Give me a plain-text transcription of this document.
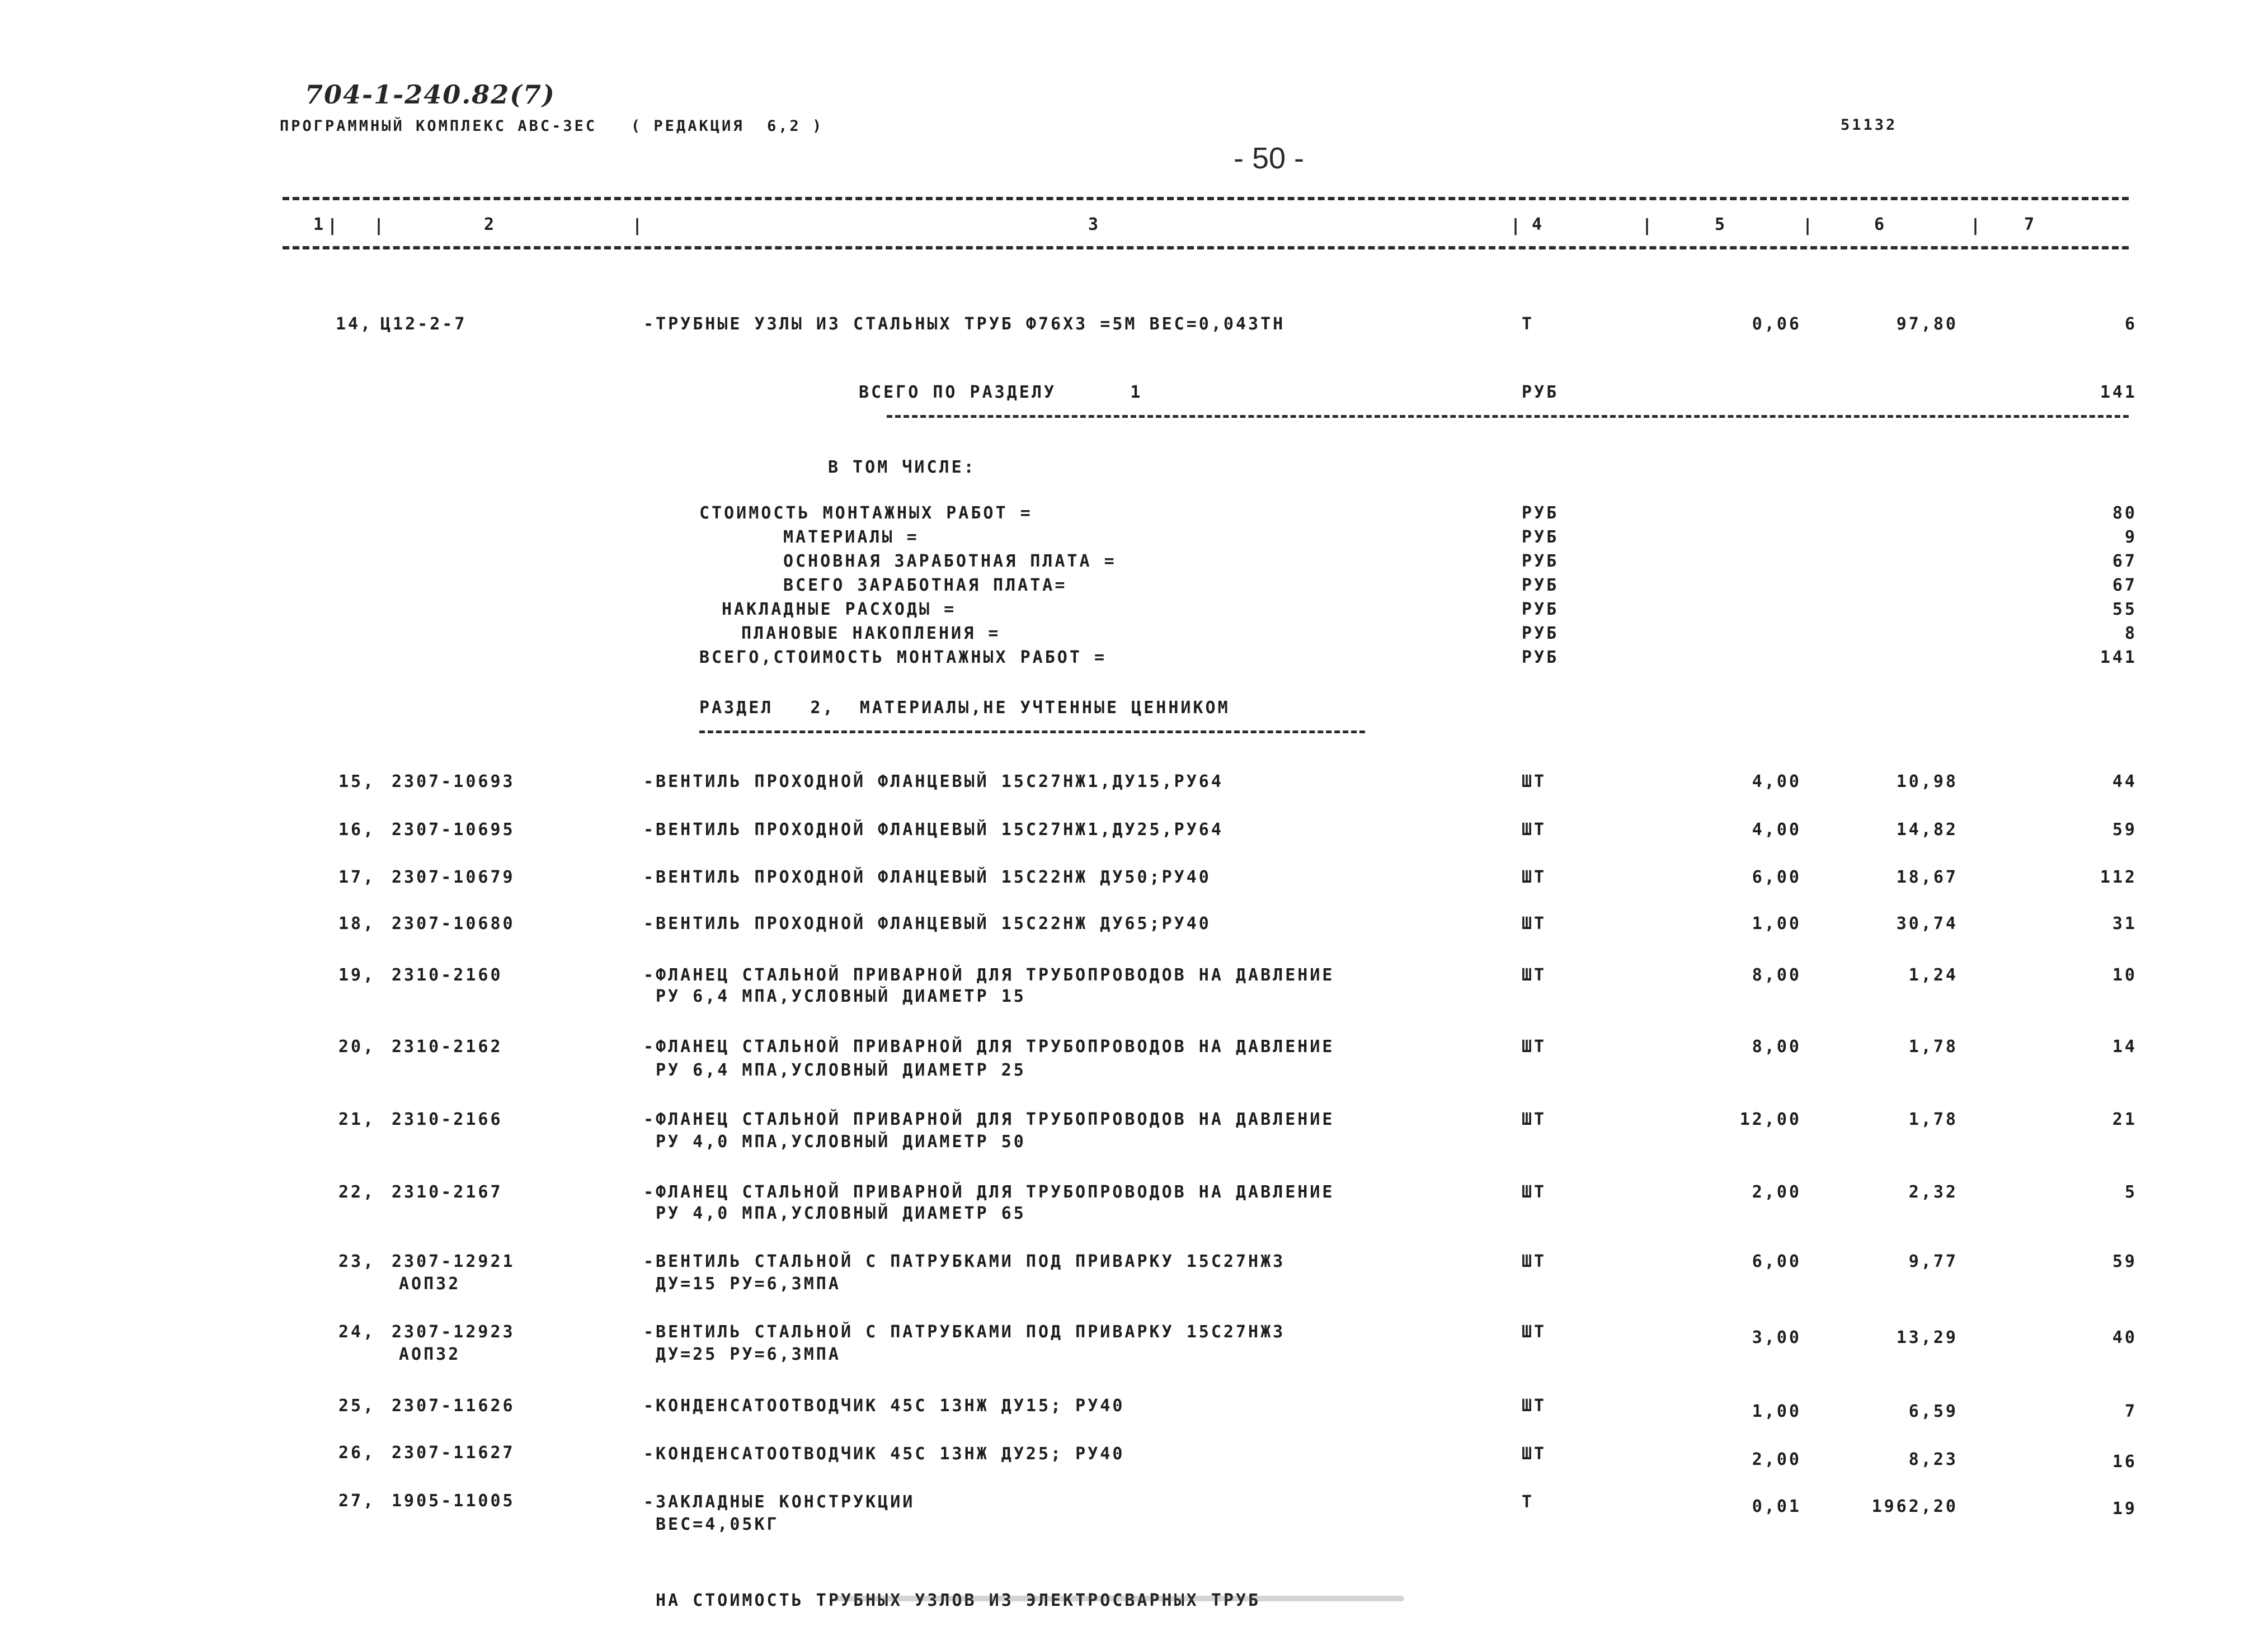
704-1-240.82(7)
ПРОГРАММНЫЙ КОМПЛЕКС АВС-3ЕС   ( РЕДАКЦИЯ  6,2 )
- 50 -
51132
1	2	3	4	5	6	7
| |	|	|	|	|	|
14, Ц12-2-7	-ТРУБНЫЕ УЗЛЫ ИЗ СТАЛЬНЫХ ТРУБ Ф76Х3 =5М ВЕС=0,043ТН	Т	0,06	97,80	6
ВСЕГО ПО РАЗДЕЛУ      1	РУБ	141
В ТОМ ЧИСЛЕ:
СТОИМОСТЬ МОНТАЖНЫХ РАБОТ =	РУБ	80
МАТЕРИАЛЫ =	РУБ	9
ОСНОВНАЯ ЗАРАБОТНАЯ ПЛАТА =	РУБ	67
ВСЕГО ЗАРАБОТНАЯ ПЛАТА=	РУБ	67
НАКЛАДНЫЕ РАСХОДЫ =	РУБ	55
ПЛАНОВЫЕ НАКОПЛЕНИЯ =	РУБ	8
ВСЕГО,СТОИМОСТЬ МОНТАЖНЫХ РАБОТ =	РУБ	141
РАЗДЕЛ   2,  МАТЕРИАЛЫ,НЕ УЧТЕННЫЕ ЦЕННИКОМ
15, 2307-10693	-ВЕНТИЛЬ ПРОХОДНОЙ ФЛАНЦЕВЫЙ 15С27НЖ1,ДУ15,РУ64	ШТ	4,00	10,98	44
16, 2307-10695	-ВЕНТИЛЬ ПРОХОДНОЙ ФЛАНЦЕВЫЙ 15С27НЖ1,ДУ25,РУ64	ШТ	4,00	14,82	59
17, 2307-10679	-ВЕНТИЛЬ ПРОХОДНОЙ ФЛАНЦЕВЫЙ 15С22НЖ ДУ50;РУ40	ШТ	6,00	18,67	112
18, 2307-10680	-ВЕНТИЛЬ ПРОХОДНОЙ ФЛАНЦЕВЫЙ 15С22НЖ ДУ65;РУ40	ШТ	1,00	30,74	31
19, 2310-2160	-ФЛАНЕЦ СТАЛЬНОЙ ПРИВАРНОЙ ДЛЯ ТРУБОПРОВОДОВ НА ДАВЛЕНИЕ
РУ 6,4 МПА,УСЛОВНЫЙ ДИАМЕТР 15
ШТ	8,00	1,24	10
20, 2310-2162	-ФЛАНЕЦ СТАЛЬНОЙ ПРИВАРНОЙ ДЛЯ ТРУБОПРОВОДОВ НА ДАВЛЕНИЕ
РУ 6,4 МПА,УСЛОВНЫЙ ДИАМЕТР 25
ШТ	8,00	1,78	14
21, 2310-2166	-ФЛАНЕЦ СТАЛЬНОЙ ПРИВАРНОЙ ДЛЯ ТРУБОПРОВОДОВ НА ДАВЛЕНИЕ
РУ 4,0 МПА,УСЛОВНЫЙ ДИАМЕТР 50
ШТ	12,00	1,78	21
22, 2310-2167	-ФЛАНЕЦ СТАЛЬНОЙ ПРИВАРНОЙ ДЛЯ ТРУБОПРОВОДОВ НА ДАВЛЕНИЕ
РУ 4,0 МПА,УСЛОВНЫЙ ДИАМЕТР 65
ШТ	2,00	2,32	5
23, 2307-12921
АОП32
-ВЕНТИЛЬ СТАЛЬНОЙ С ПАТРУБКАМИ ПОД ПРИВАРКУ 15С27НЖ3
ДУ=15 РУ=6,3МПА
ШТ	6,00	9,77	59
24, 2307-12923
АОП32
-ВЕНТИЛЬ СТАЛЬНОЙ С ПАТРУБКАМИ ПОД ПРИВАРКУ 15С27НЖ3
ДУ=25 РУ=6,3МПА
ШТ	3,00	13,29	40
25, 2307-11626	-КОНДЕНСАТООТВОДЧИК 45С 13НЖ ДУ15; РУ40	ШТ	1,00	6,59	7
26, 2307-11627	-КОНДЕНСАТООТВОДЧИК 45С 13НЖ ДУ25; РУ40	ШТ	2,00	8,23	16
27, 1905-11005	-ЗАКЛАДНЫЕ КОНСТРУКЦИИ
ВЕС=4,05КГ
Т	0,01	1962,20	19
НА СТОИМОСТЬ ТРУБНЫХ УЗЛОВ ИЗ ЭЛЕКТРОСВАРНЫХ ТРУБ
